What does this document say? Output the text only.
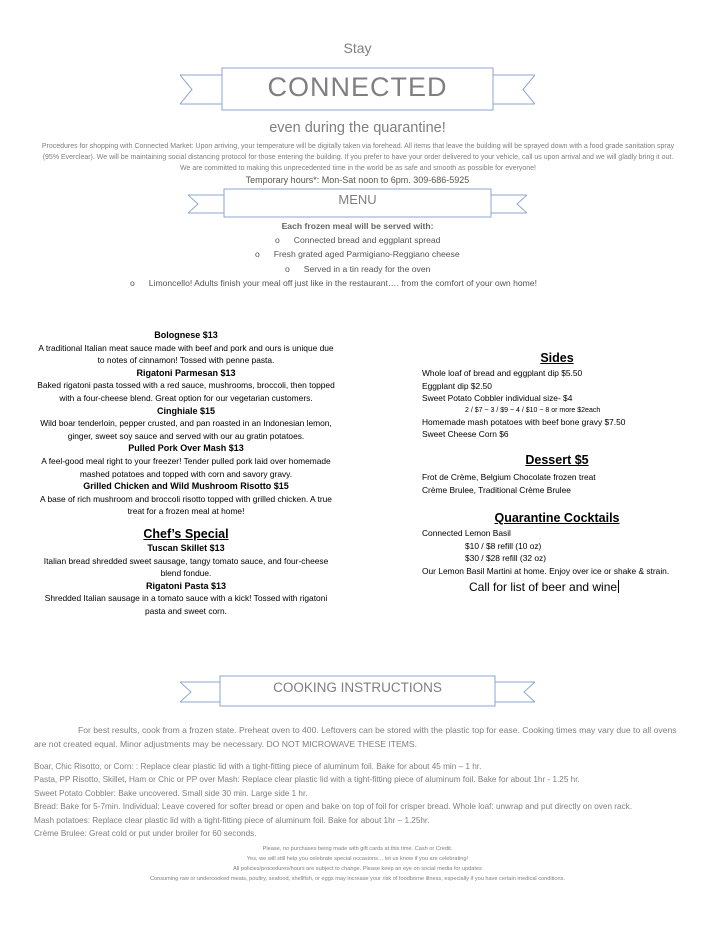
Stay
CONNECTED
even during the quarantine!
Procedures for shopping with Connected Market: Upon arriving, your temperature will be digitally taken via forehead. All items that leave the building will be sprayed down with a food grade sanitation spray (95% Everclear). We will be maintaining social distancing protocol for those entering the building. If you prefer to have your order delivered to your vehicle, call us upon arrival and we will gladly bring it out. We are committed to making this unprecedented time in the world be as safe and smooth as possible for everyone!
Temporary hours*: Mon-Sat noon to 6pm. 309-686-5925
MENU
Each frozen meal will be served with:
o Connected bread and eggplant spread
o Fresh grated aged Parmigiano-Reggiano cheese
o Served in a tin ready for the oven
o Limoncello! Adults finish your meal off just like in the restaurant…. from the comfort of your own home!
Bolognese $13
A traditional Italian meat sauce made with beef and pork and ours is unique due to notes of cinnamon! Tossed with penne pasta.
Rigatoni Parmesan $13
Baked rigatoni pasta tossed with a red sauce, mushrooms, broccoli, then topped with a four-cheese blend. Great option for our vegetarian customers.
Cinghiale $15
Wild boar tenderloin, pepper crusted, and pan roasted in an Indonesian lemon, ginger, sweet soy sauce and served with our au gratin potatoes.
Pulled Pork Over Mash $13
A feel-good meal right to your freezer! Tender pulled pork laid over homemade mashed potatoes and topped with corn and savory gravy.
Grilled Chicken and Wild Mushroom Risotto $15
A base of rich mushroom and broccoli risotto topped with grilled chicken. A true treat for a frozen meal at home!
Chef’s Special
Tuscan Skillet $13
Italian bread shredded sweet sausage, tangy tomato sauce, and four-cheese blend fondue.
Rigatoni Pasta $13
Shredded Italian sausage in a tomato sauce with a kick! Tossed with rigatoni pasta and sweet corn.
Sides
Whole loaf of bread and eggplant dip $5.50
Eggplant dip $2.50
Sweet Potato Cobbler individual size- $4
2 / $7 ~ 3 / $9 ~ 4 / $10 ~ 8 or more $2each
Homemade mash potatoes with beef bone gravy $7.50
Sweet Cheese Corn $6
Dessert $5
Frot de Crème, Belgium Chocolate frozen treat
Crème Brulee, Traditional Crème Brulee
Quarantine Cocktails
Connected Lemon Basil
$10 / $8 refill (10 oz)
$30 / $28 refill (32 oz)
Our Lemon Basil Martini at home. Enjoy over ice or shake & strain.
Call for list of beer and wine
COOKING INSTRUCTIONS
For best results, cook from a frozen state. Preheat oven to 400. Leftovers can be stored with the plastic top for ease. Cooking times may vary due to all ovens are not created equal. Minor adjustments may be necessary. DO NOT MICROWAVE THESE ITEMS.
Boar, Chic Risotto, or Corn: : Replace clear plastic lid with a tight-fitting piece of aluminum foil. Bake for about 45 min – 1 hr.
Pasta, PP Risotto, Skillet, Ham or Chic or PP over Mash: Replace clear plastic lid with a tight-fitting piece of aluminum foil. Bake for about 1hr - 1.25 hr.
Sweet Potato Cobbler: Bake uncovered. Small side 30 min. Large side 1 hr.
Bread: Bake for 5-7min. Individual: Leave covered for softer bread or open and bake on top of foil for crisper bread. Whole loaf: unwrap and put directly on oven rack.
Mash potatoes: Replace clear plastic lid with a tight-fitting piece of aluminum foil. Bake for about 1hr – 1.25hr.
Crème Brulee: Great cold or put under broiler for 60 seconds.
Please, no purchases being made with gift cards at this time. Cash or Credit.
Yes, we will still help you celebrate special occasions… let us know if you are celebrating!
All policies/procedures/hours are subject to change. Please keep an eye on social media for updates
Consuming raw or undercooked meats, poultry, seafood, shellfish, or eggs may increase your risk of foodborne illness, especially if you have certain medical conditions.
